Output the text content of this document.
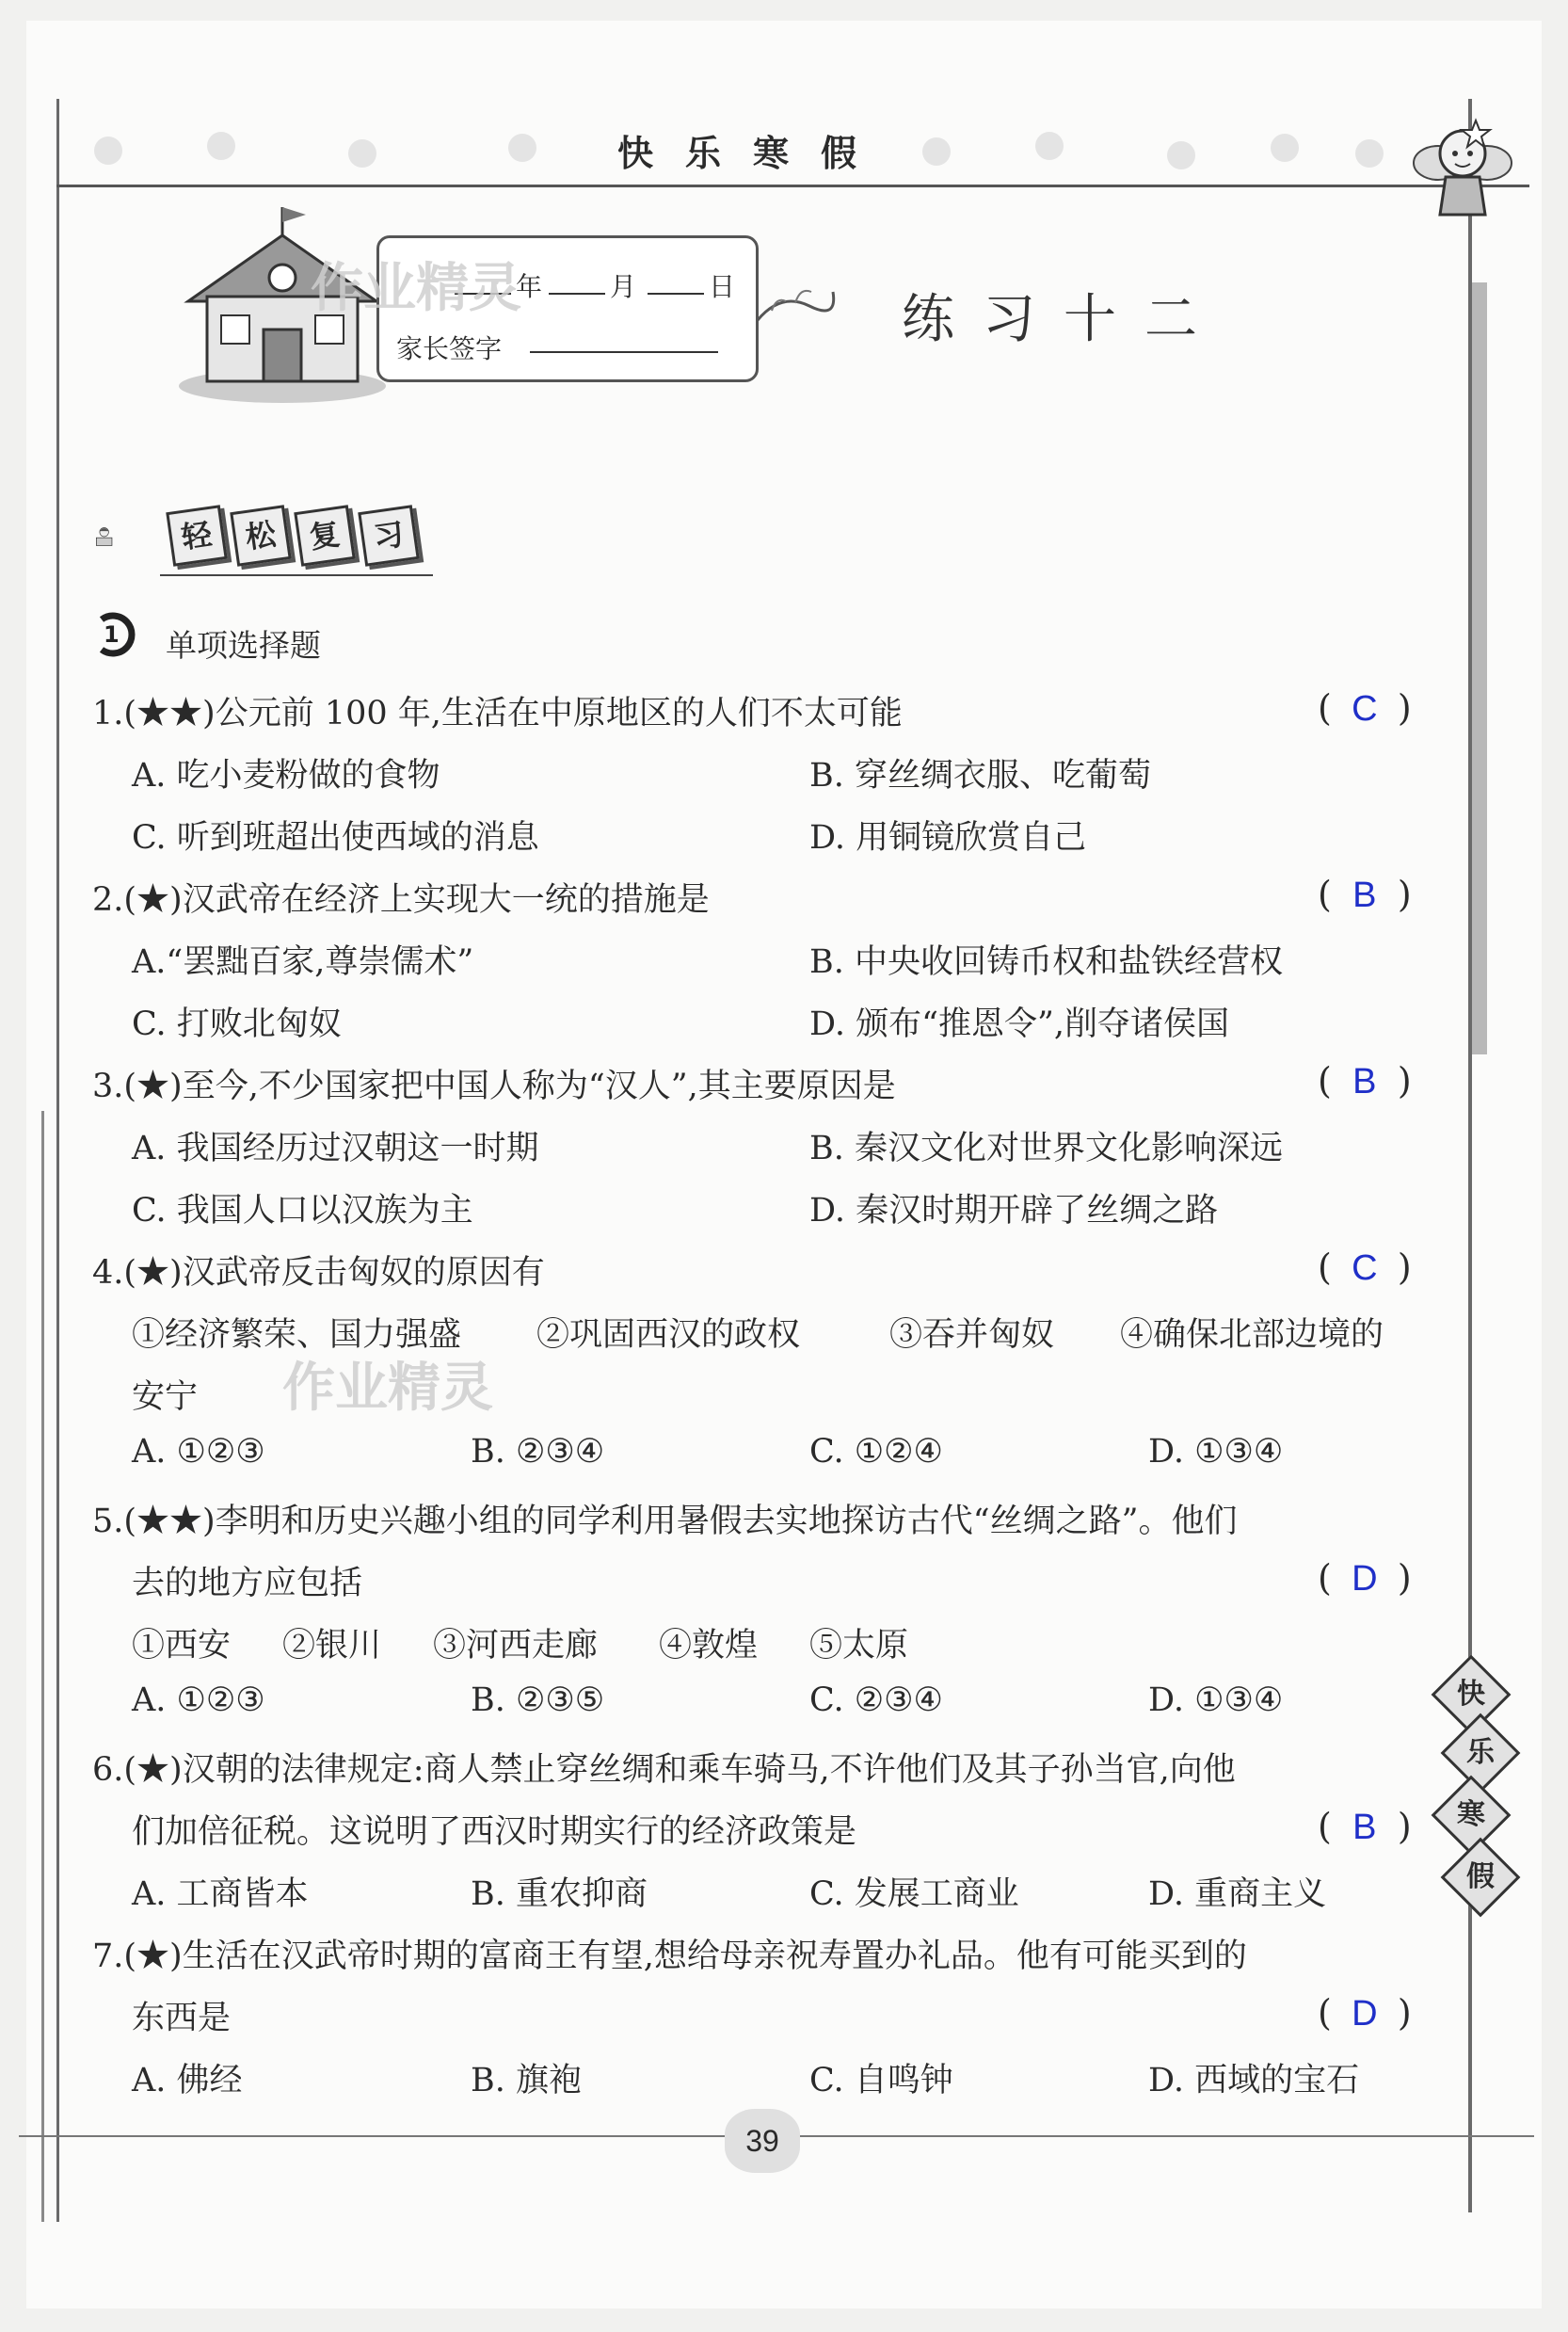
快乐寒假
年	月	日
家长签字	练习十二
作业精灵
作业精灵
轻 松 复 习
1 单项选择题
1.(★★)公元前 100 年,生活在中原地区的人们不太可能	( C )
A. 吃小麦粉做的食物	B. 穿丝绸衣服、吃葡萄
C. 听到班超出使西域的消息	D. 用铜镜欣赏自己
2.(★)汉武帝在经济上实现大一统的措施是	( B )
A.“罢黜百家,尊崇儒术”	B. 中央收回铸币权和盐铁经营权
C. 打败北匈奴	D. 颁布“推恩令”,削夺诸侯国
3.(★)至今,不少国家把中国人称为“汉人”,其主要原因是	( B )
A. 我国经历过汉朝这一时期	B. 秦汉文化对世界文化影响深远
C. 我国人口以汉族为主	D. 秦汉时期开辟了丝绸之路
4.(★)汉武帝反击匈奴的原因有	( C )
①经济繁荣、国力强盛 ②巩固西汉的政权	③吞并匈奴 ④确保北部边境的
安宁
A. ①②③	B. ②③④	C. ①②④	D. ①③④
5.(★★)李明和历史兴趣小组的同学利用暑假去实地探访古代“丝绸之路”。他们
去的地方应包括	( D )
①西安 ②银川 ③河西走廊 ④敦煌 ⑤太原
A. ①②③	B. ②③⑤	C. ②③④	D. ①③④
6.(★)汉朝的法律规定:商人禁止穿丝绸和乘车骑马,不许他们及其子孙当官,向他
们加倍征税。这说明了西汉时期实行的经济政策是	( B )
A. 工商皆本	B. 重农抑商	C. 发展工商业	D. 重商主义
7.(★)生活在汉武帝时期的富商王有望,想给母亲祝寿置办礼品。他有可能买到的
东西是	( D )
A. 佛经	B. 旗袍	C. 自鸣钟	D. 西域的宝石
快
乐
寒
假
39
